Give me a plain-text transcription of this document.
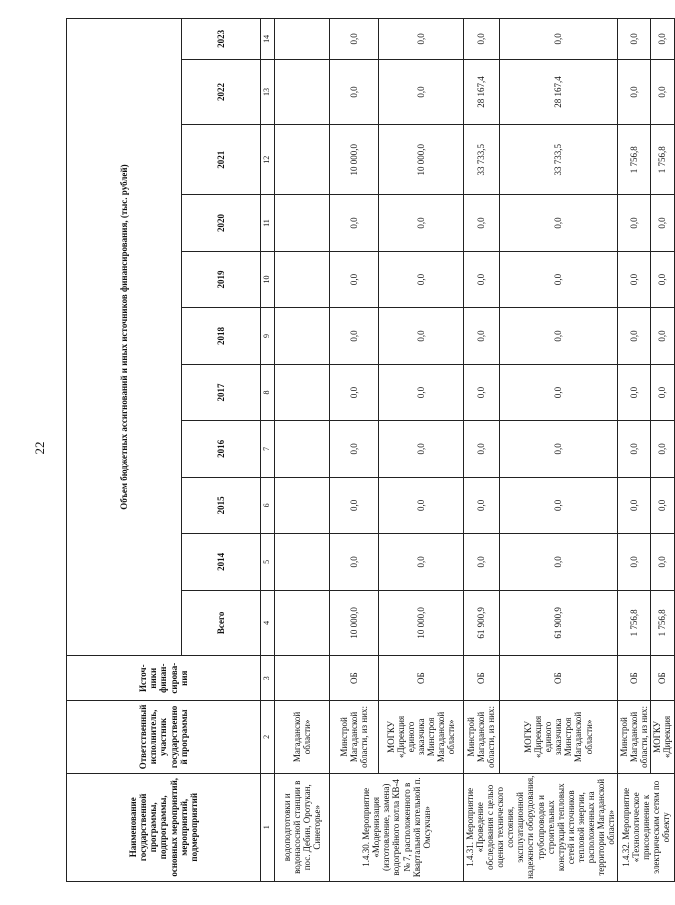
22
Наименование государственной программы, подпрограммы, основных мероприятий, мероприятий, подмероприятий	Ответственный исполнитель, участник государственной программы	Источ-ники финан-сирова-ния	Объем бюджетных ассигнований и иных источников финансирования, (тыс. рублей)										
			Всего	2014	2015	2016	2017	2018	2019	2020	2021	2022	2023
1	2	3	4	5	6	7	8	9	10	11	12	13	14
водоподготовки и водонасосной станции в пос. Дебин, Оротукан, Синегорье»	Магаданской области»												
1.4.30. Мероприятие «Модернизация (изготовление, замена) водогрейного котла КВ-4 № 7, расположенного в Квартальной котельной п. Омсукчан»	Минстрой Магаданской области, из них:	ОБ	10 000,0	0,0	0,0	0,0	0,0	0,0	0,0	0,0	10 000,0	0,0	0,0
	МОГКУ «Дирекция единого заказчика Минстроя Магаданской области»	ОБ	10 000,0	0,0	0,0	0,0	0,0	0,0	0,0	0,0	10 000,0	0,0	0,0
1.4.31. Мероприятие «Проведение обследования с целью оценки технического состояния, эксплуатационной надежности оборудования, трубопроводов и строительных конструкций тепловых сетей и источников тепловой энергии, расположенных на территории Магаданской области»	Минстрой Магаданской области, из них:	ОБ	61 900,9	0,0	0,0	0,0	0,0	0,0	0,0	0,0	33 733,5	28 167,4	0,0
	МОГКУ «Дирекция единого заказчика Минстроя Магаданской области»	ОБ	61 900,9	0,0	0,0	0,0	0,0	0,0	0,0	0,0	33 733,5	28 167,4	0,0
1.4.32. Мероприятие «Технологическое присоединение к электрическим сетям по объекту	Минстрой Магаданской области, из них:	ОБ	1 756,8	0,0	0,0	0,0	0,0	0,0	0,0	0,0	1 756,8	0,0	0,0
	МОГКУ «Дирекция	ОБ	1 756,8	0,0	0,0	0,0	0,0	0,0	0,0	0,0	1 756,8	0,0	0,0
